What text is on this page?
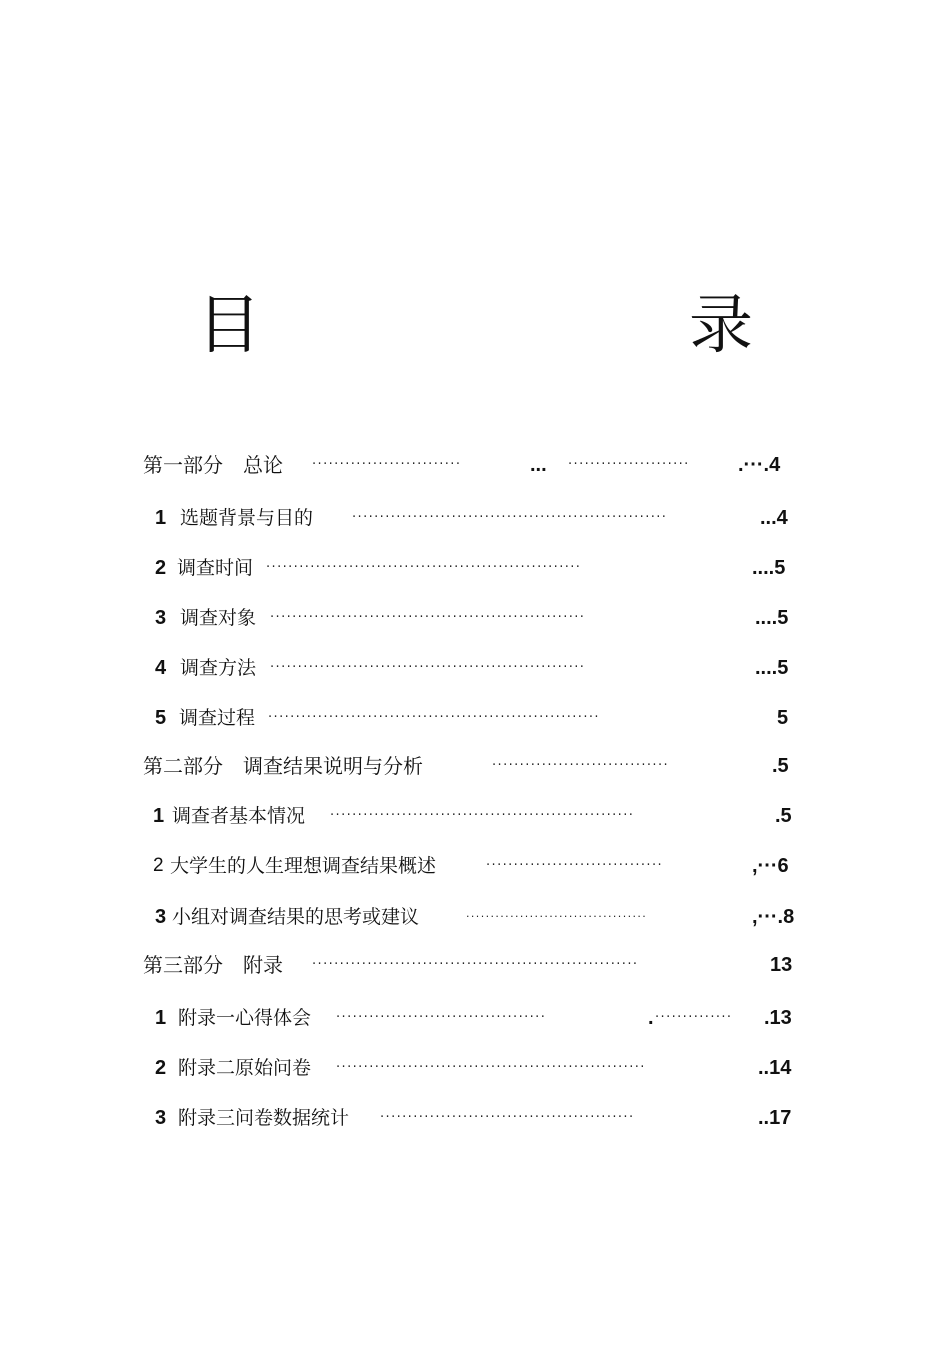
目　　录
第一部分　总论 ···························	... ······················ .···.4
1 选题背景与目的	·························································	...4
2 调查时间 ·························································	....5
3 调查对象 ·························································	....5
4 调查方法 ·························································	....5
5 调查过程 ····························································	5
第二部分　调查结果说明与分析	································	.5
1 调查者基本情况 ·······················································	.5
2 大学生的人生理想调查结果概述	································	,···6
3 小组对调查结果的思考或建议	·····································	,···.8
第三部分　附录 ···························································	13
1 附录一心得体会 ······································	. ·············· .13
2 附录二原始问卷 ························································	..14
3 附录三问卷数据统计 ··············································	..17
